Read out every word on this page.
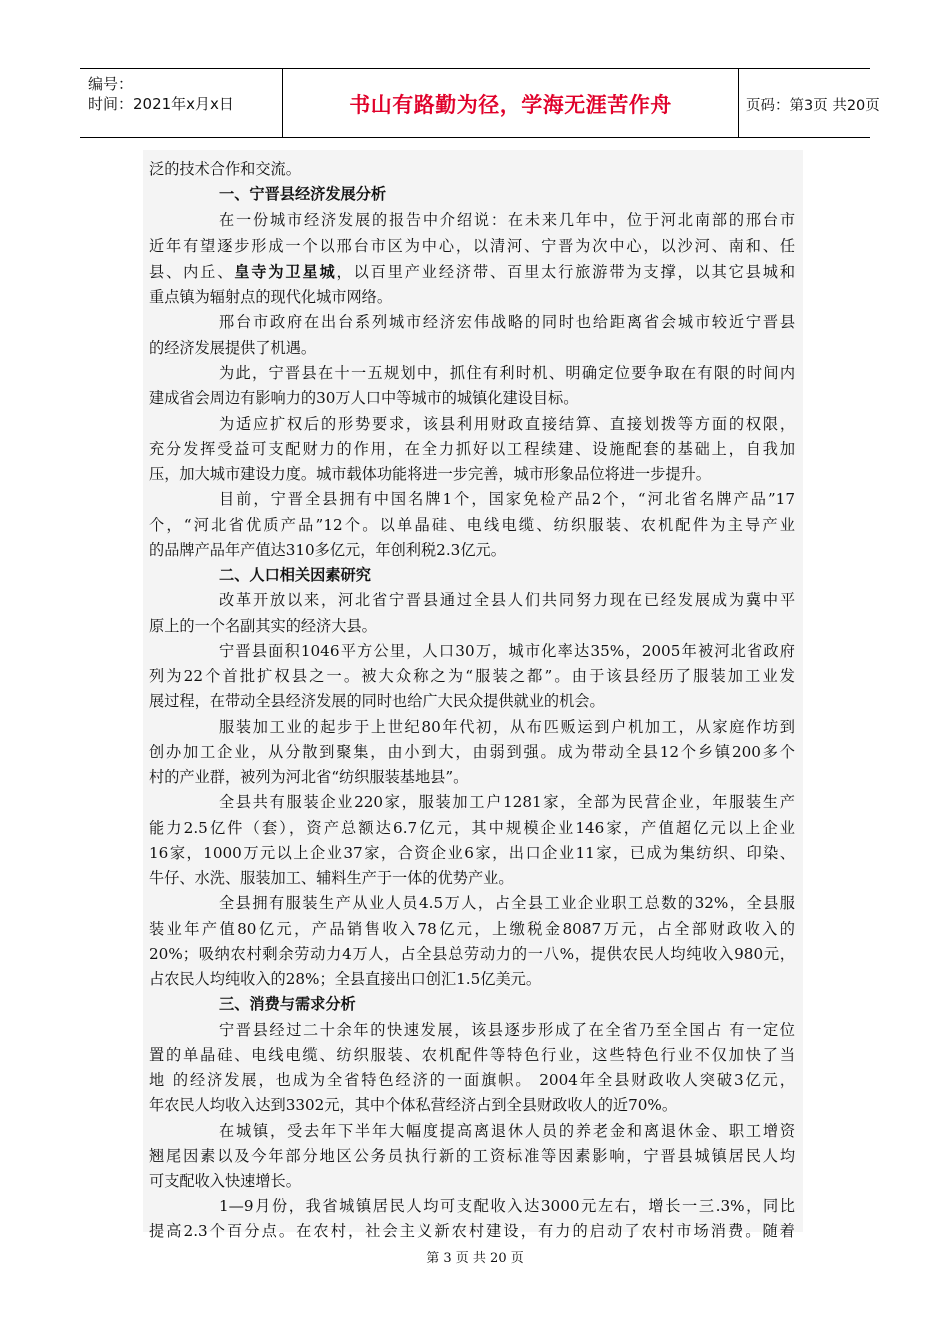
编号：
时间：2021年x月x日	书山有路勤为径，学海无涯苦作舟	页码：第3页 共20页
泛的技术合作和交流。
一、宁晋县经济发展分析
在一份城市经济发展的报告中介绍说：在未来几年中，位于河北南部的邢台市
近年有望逐步形成一个以邢台市区为中心，以清河、宁晋为次中心，以沙河、南和、任
县、内丘、皇寺为卫星城，以百里产业经济带、百里太行旅游带为支撑，以其它县城和
重点镇为辐射点的现代化城市网络。
邢台市政府在出台系列城市经济宏伟战略的同时也给距离省会城市较近宁晋县
的经济发展提供了机遇。
为此，宁晋县在十一五规划中，抓住有利时机、明确定位要争取在有限的时间内
建成省会周边有影响力的30万人口中等城市的城镇化建设目标。
为适应扩权后的形势要求，该县利用财政直接结算、直接划拨等方面的权限，
充分发挥受益可支配财力的作用，在全力抓好以工程续建、设施配套的基础上，自我加
压，加大城市建设力度。城市载体功能将进一步完善，城市形象品位将进一步提升。
目前，宁晋全县拥有中国名牌1个，国家免检产品2个，“河北省名牌产品”17
个，“河北省优质产品”12个。以单晶硅、电线电缆、纺织服装、农机配件为主导产业
的品牌产品年产值达310多亿元，年创利税2.3亿元。
二、人口相关因素研究
改革开放以来，河北省宁晋县通过全县人们共同努力现在已经发展成为冀中平
原上的一个名副其实的经济大县。
宁晋县面积1046平方公里，人口30万，城市化率达35%，2005年被河北省政府
列为22个首批扩权县之一。被大众称之为“服装之都”。由于该县经历了服装加工业发
展过程，在带动全县经济发展的同时也给广大民众提供就业的机会。
服装加工业的起步于上世纪80年代初，从布匹贩运到户机加工，从家庭作坊到
创办加工企业，从分散到聚集，由小到大，由弱到强。成为带动全县12个乡镇200多个
村的产业群，被列为河北省“纺织服装基地县”。
全县共有服装企业220家，服装加工户1281家，全部为民营企业，年服装生产
能力2.5亿件（套），资产总额达6.7亿元，其中规模企业146家，产值超亿元以上企业
16家，1000万元以上企业37家，合资企业6家，出口企业11家，已成为集纺织、印染、
牛仔、水洗、服装加工、辅料生产于一体的优势产业。
全县拥有服装生产从业人员4.5万人，占全县工业企业职工总数的32%，全县服
装业年产值80亿元，产品销售收入78亿元，上缴税金8087万元，占全部财政收入的
20%；吸纳农村剩余劳动力4万人，占全县总劳动力的一八%，提供农民人均纯收入980元，
占农民人均纯收入的28%；全县直接出口创汇1.5亿美元。
三、消费与需求分析
宁晋县经过二十余年的快速发展，该县逐步形成了在全省乃至全国占 有一定位
置的单晶硅、电线电缆、纺织服装、农机配件等特色行业，这些特色行业不仅加快了当
地 的经济发展，也成为全省特色经济的一面旗帜。 2004年全县财政收人突破3亿元，
年农民人均收入达到3302元，其中个体私营经济占到全县财政收人的近70%。
在城镇，受去年下半年大幅度提高离退休人员的养老金和离退休金、职工增资
翘尾因素以及今年部分地区公务员执行新的工资标准等因素影响，宁晋县城镇居民人均
可支配收入快速增长。
1—9月份，我省城镇居民人均可支配收入达3000元左右，增长一三.3%，同比
提高2.3个百分点。在农村，社会主义新农村建设，有力的启动了农村市场消费。随着
第 3 页 共 20 页
